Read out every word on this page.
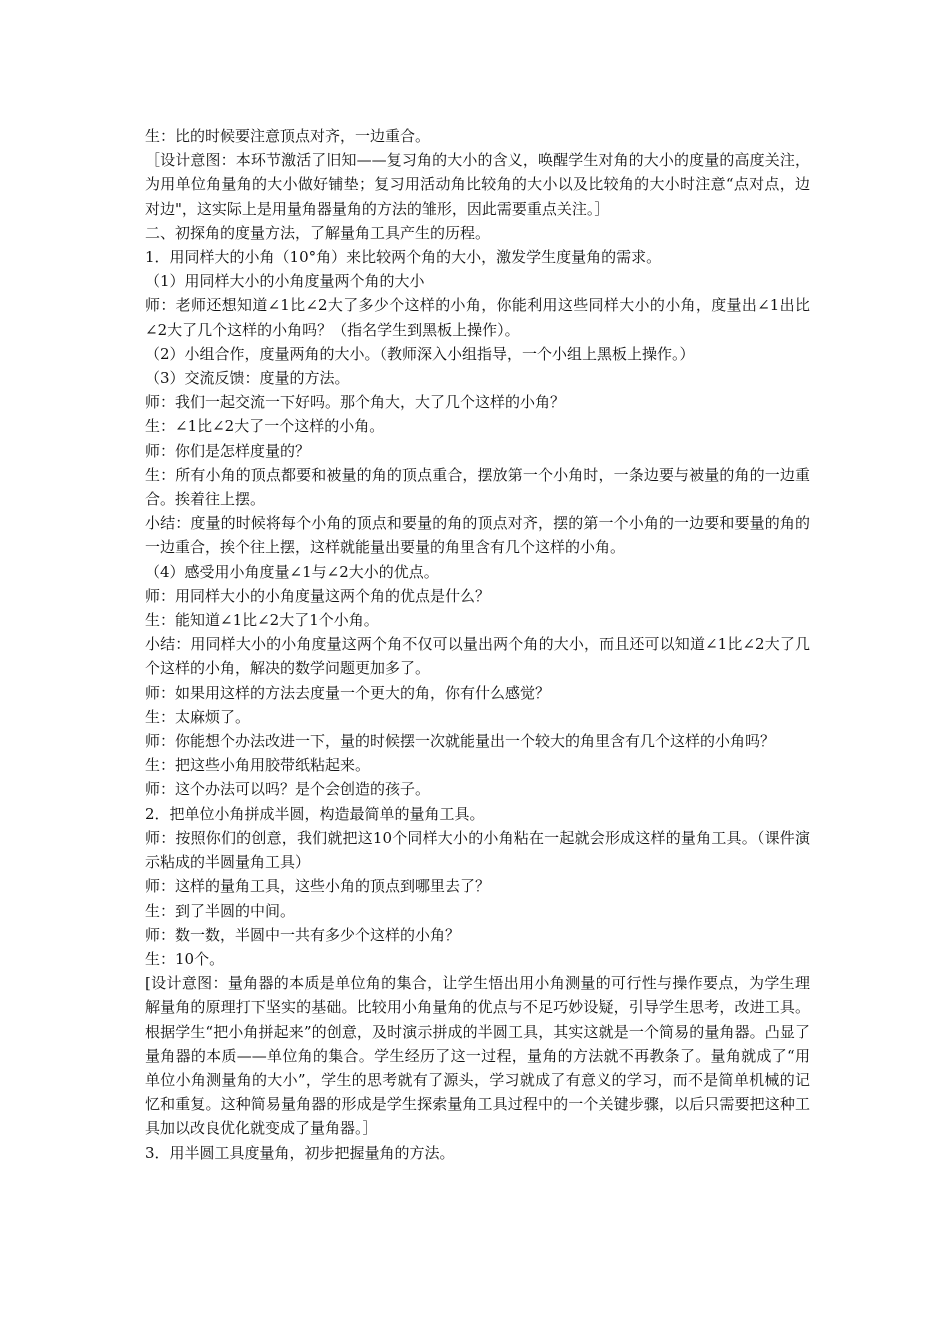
生：比的时候要注意顶点对齐，一边重合。

［设计意图：本环节激活了旧知——复习角的大小的含义，唤醒学生对角的大小的度量的高度关注，为用单位角量角的大小做好铺垫；复习用活动角比较角的大小以及比较角的大小时注意“点对点，边对边"，这实际上是用量角器量角的方法的雏形，因此需要重点关注。］

二、初探角的度量方法，了解量角工具产生的历程。

1．用同样大的小角（10°角）来比较两个角的大小，激发学生度量角的需求。

（1）用同样大小的小角度量两个角的大小

师：老师还想知道∠1比∠2大了多少个这样的小角，你能利用这些同样大小的小角，度量出∠1出比∠2大了几个这样的小角吗？（指名学生到黑板上操作）。

（2）小组合作，度量两角的大小。（教师深入小组指导，一个小组上黑板上操作。）

（3）交流反馈：度量的方法。

师：我们一起交流一下好吗。那个角大，大了几个这样的小角？

生：∠1比∠2大了一个这样的小角。

师：你们是怎样度量的？

生：所有小角的顶点都要和被量的角的顶点重合，摆放第一个小角时，一条边要与被量的角的一边重合。挨着往上摆。

小结：度量的时候将每个小角的顶点和要量的角的顶点对齐，摆的第一个小角的一边要和要量的角的一边重合，挨个往上摆，这样就能量出要量的角里含有几个这样的小角。

（4）感受用小角度量∠1与∠2大小的优点。

师：用同样大小的小角度量这两个角的优点是什么？

生：能知道∠1比∠2大了1个小角。

小结：用同样大小的小角度量这两个角不仅可以量出两个角的大小，而且还可以知道∠1比∠2大了几个这样的小角，解决的数学问题更加多了。

师：如果用这样的方法去度量一个更大的角，你有什么感觉？

生：太麻烦了。

师：你能想个办法改进一下，量的时候摆一次就能量出一个较大的角里含有几个这样的小角吗？

生：把这些小角用胶带纸粘起来。

师：这个办法可以吗？是个会创造的孩子。

2．把单位小角拼成半圆，构造最简单的量角工具。

师：按照你们的创意，我们就把这10个同样大小的小角粘在一起就会形成这样的量角工具。（课件演示粘成的半圆量角工具）

师：这样的量角工具，这些小角的顶点到哪里去了？

生：到了半圆的中间。

师：数一数，半圆中一共有多少个这样的小角？

生：10个。

[设计意图：量角器的本质是单位角的集合，让学生悟出用小角测量的可行性与操作要点，为学生理解量角的原理打下坚实的基础。比较用小角量角的优点与不足巧妙设疑，引导学生思考，改进工具。根据学生“把小角拼起来”的创意，及时演示拼成的半圆工具，其实这就是一个简易的量角器。凸显了量角器的本质——单位角的集合。学生经历了这一过程，量角的方法就不再教条了。量角就成了“用单位小角测量角的大小”，学生的思考就有了源头，学习就成了有意义的学习，而不是简单机械的记忆和重复。这种简易量角器的形成是学生探索量角工具过程中的一个关键步骤，以后只需要把这种工具加以改良优化就变成了量角器。］

3．用半圆工具度量角，初步把握量角的方法。
